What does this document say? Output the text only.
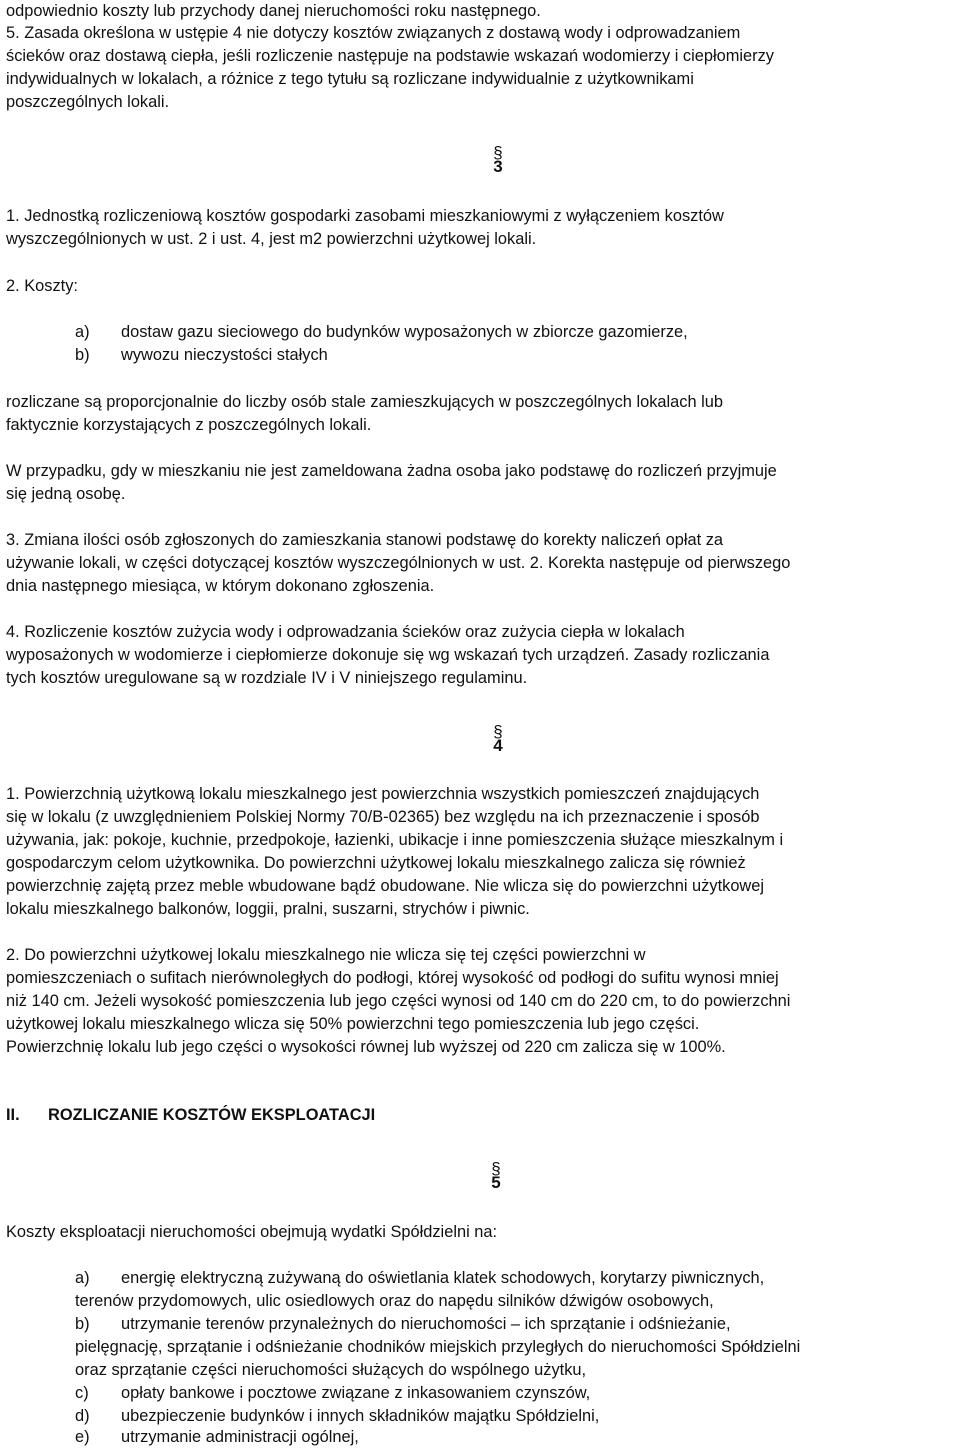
odpowiednio koszty lub przychody danej nieruchomości roku następnego.
5. Zasada określona w ustępie 4 nie dotyczy kosztów związanych z dostawą wody i odprowadzaniem
ścieków oraz dostawą ciepła, jeśli rozliczenie następuje na podstawie wskazań wodomierzy i ciepłomierzy
indywidualnych w lokalach, a różnice z tego tytułu są rozliczane indywidualnie z użytkownikami
poszczególnych lokali.
§
3
1. Jednostką rozliczeniową kosztów gospodarki zasobami mieszkaniowymi z wyłączeniem kosztów
wyszczególnionych w ust. 2 i ust. 4, jest m2 powierzchni użytkowej lokali.
2. Koszty:
a) dostaw gazu sieciowego do budynków wyposażonych w zbiorcze gazomierze,
b) wywozu nieczystości stałych
rozliczane są proporcjonalnie do liczby osób stale zamieszkujących w poszczególnych lokalach lub
faktycznie korzystających z poszczególnych lokali.
W przypadku, gdy w mieszkaniu nie jest zameldowana żadna osoba jako podstawę do rozliczeń przyjmuje
się jedną osobę.
3. Zmiana ilości osób zgłoszonych do zamieszkania stanowi podstawę do korekty naliczeń opłat za
używanie lokali, w części dotyczącej kosztów wyszczególnionych w ust. 2. Korekta następuje od pierwszego
dnia następnego miesiąca, w którym dokonano zgłoszenia.
4. Rozliczenie kosztów zużycia wody i odprowadzania ścieków oraz zużycia ciepła w lokalach
wyposażonych w wodomierze i ciepłomierze dokonuje się wg wskazań tych urządzeń. Zasady rozliczania
tych kosztów uregulowane są w rozdziale IV i V niniejszego regulaminu.
§
4
1. Powierzchnią użytkową lokalu mieszkalnego jest powierzchnia wszystkich pomieszczeń znajdujących
się w lokalu (z uwzględnieniem Polskiej Normy 70/B-02365) bez względu na ich przeznaczenie i sposób
używania, jak: pokoje, kuchnie, przedpokoje, łazienki, ubikacje i inne pomieszczenia służące mieszkalnym i
gospodarczym celom użytkownika. Do powierzchni użytkowej lokalu mieszkalnego zalicza się również
powierzchnię zajętą przez meble wbudowane bądź obudowane. Nie wlicza się do powierzchni użytkowej
lokalu mieszkalnego balkonów, loggii, pralni, suszarni, strychów i piwnic.
2. Do powierzchni użytkowej lokalu mieszkalnego nie wlicza się tej części powierzchni w
pomieszczeniach o sufitach nierównoległych do podłogi, której wysokość od podłogi do sufitu wynosi mniej
niż 140 cm. Jeżeli wysokość pomieszczenia lub jego części wynosi od 140 cm do 220 cm, to do powierzchni
użytkowej lokalu mieszkalnego wlicza się 50% powierzchni tego pomieszczenia lub jego części.
Powierzchnię lokalu lub jego części o wysokości równej lub wyższej od 220 cm zalicza się w 100%.
II. ROZLICZANIE KOSZTÓW EKSPLOATACJI
§
5
Koszty eksploatacji nieruchomości obejmują wydatki Spółdzielni na:
a) energię elektryczną zużywaną do oświetlania klatek schodowych, korytarzy piwnicznych,
terenów przydomowych, ulic osiedlowych oraz do napędu silników dźwigów osobowych,
b) utrzymanie terenów przynależnych do nieruchomości – ich sprzątanie i odśnieżanie,
pielęgnację, sprzątanie i odśnieżanie chodników miejskich przyległych do nieruchomości Spółdzielni
oraz sprzątanie części nieruchomości służących do wspólnego użytku,
c) opłaty bankowe i pocztowe związane z inkasowaniem czynszów,
d) ubezpieczenie budynków i innych składników majątku Spółdzielni,
e) utrzymanie administracji ogólnej,
